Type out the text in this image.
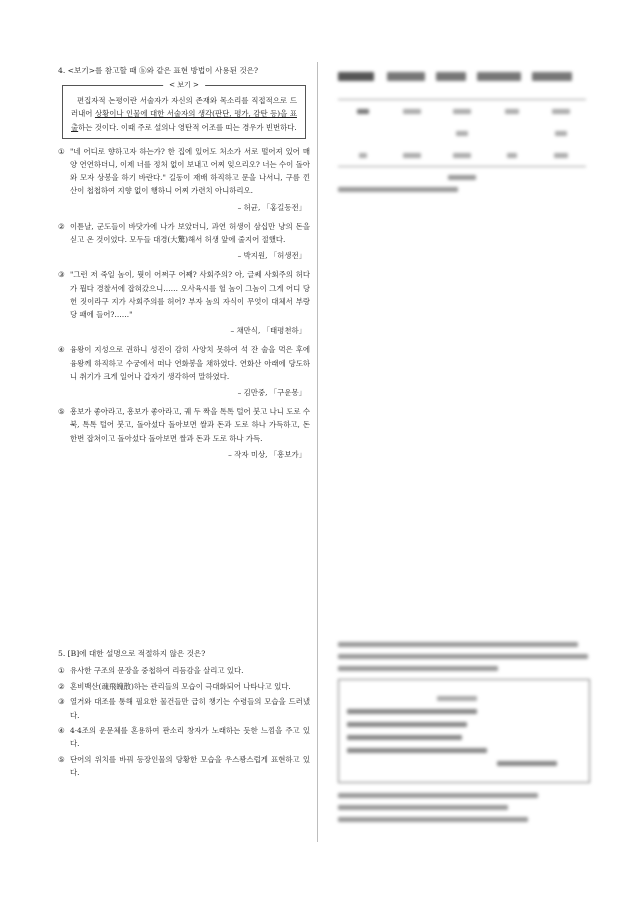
4. <보기>를 참고할 때 ⓑ와 같은 표현 방법이 사용된 것은?
< 보기 >
편집자적 논평이란 서술자가 자신의 존재와 목소리를 직접적으로 드러내어 상황이나 인물에 대한 서술자의 생각(판단, 평가, 감탄 등)을 표출하는 것이다. 이때 주로 설의나 영탄적 어조를 띠는 경우가 빈번하다.
① "네 어디로 향하고자 하는가? 한 집에 있어도 처소가 서로 떨어져 있어 매양 연연하더니, 이제 너를 정처 없이 보내고 어찌 잊으리오? 너는 수이 돌아와 모자 상봉을 하기 바란다." 길동이 재배 하직하고 문을 나서니, 구름 낀 산이 첩첩하여 지향 없이 행하니 어찌 가련치 아니하리오.
– 허균, 「홍길동전」
② 이튿날, 군도들이 바닷가에 나가 보았더니, 과연 허생이 삼십만 냥의 돈을 싣고 온 것이었다. 모두들 대경(大驚)해서 허생 앞에 줄지어 절했다.
– 박지원, 「허생전」
③ "그런 저 죽일 놈이, 뭣이 어쩌구 어째? 사회주의? 아, 글쎄 사회주의 허다가 뭡다 경찰서에 잡혀갔으니…… 오사육시를 헐 놈이 그놈이 그게 어디 당헌 짓이라구 지가 사회주의를 허어? 부자 놈의 자식이 무엇이 대체서 부랑당 패에 들어?……"
– 채만식, 「태평천하」
④ 융왕이 지성으로 권하니 성진이 감히 사양치 못하여 석 잔 술을 먹은 후에 융왕께 하직하고 수궁에서 떠나 연화봉을 채하였다. 연화산 아래에 당도하니 취기가 크게 일어나 갑자기 생각하여 말하였다.
– 김만중, 「구운몽」
⑤ 흥보가 좋아라고, 흥보가 좋아라고, 궤 두 짝을 톡톡 털어 붓고 나니 도로 수북, 톡톡 털어 붓고, 돌아섰다 돌아보면 쌀과 돈과 도로 하나 가득하고, 돈 한번 잡쳐이고 돌아섰다 돌아보면 쌀과 돈과 도로 하나 가득.
– 작자 미상, 「흥보가」
5. [B]에 대한 설명으로 적절하지 않은 것은?
① 유사한 구조의 문장을 중첩하여 리듬감을 살리고 있다.
② 혼비백산(魂飛魄散)하는 관리들의 모습이 극대화되어 나타나고 있다.
③ 열거와 대조를 통해 필요한 물건들만 급히 챙기는 수령들의 모습을 드러냈다.
④ 4·4조의 운문체를 혼용하여 판소리 창자가 노래하는 듯한 느낌을 주고 있다.
⑤ 단어의 위치를 바꿔 등장인물의 당황한 모습을 우스꽝스럽게 표현하고 있다.
